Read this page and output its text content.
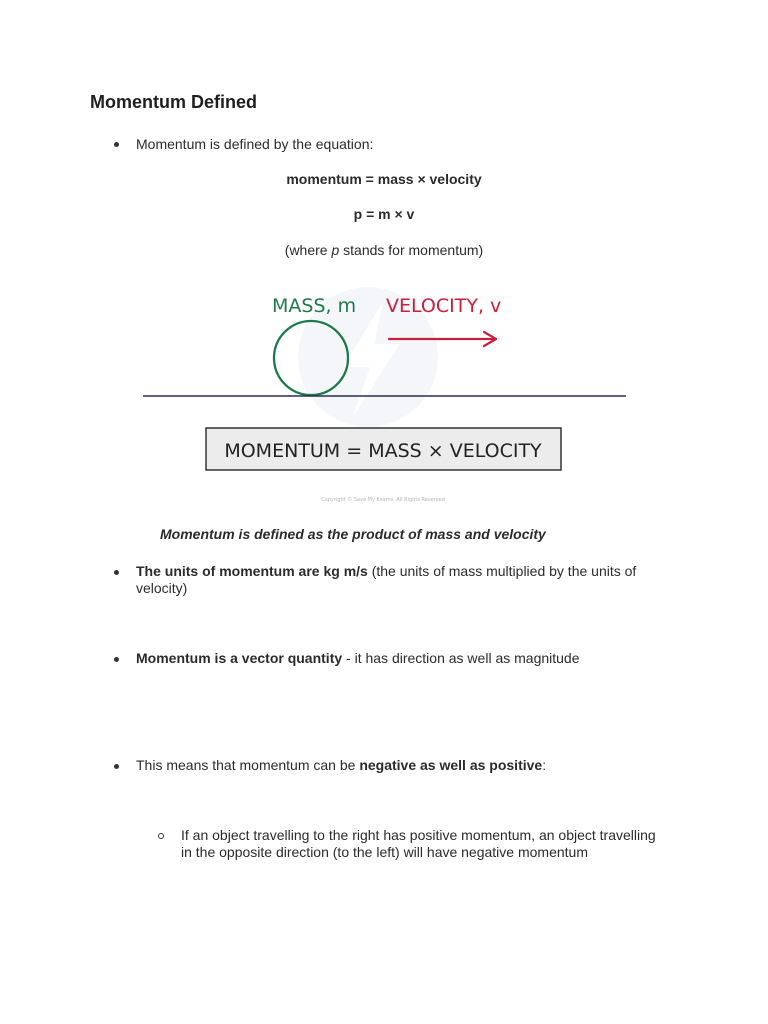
Momentum Defined
Momentum is defined by the equation:
momentum = mass × velocity
p = m × v
(where p stands for momentum)
MASS, m VELOCITY, v
MOMENTUM = MASS × VELOCITY
Copyright © Save My Exams. All Rights Reserved
Momentum is defined as the product of mass and velocity
The units of momentum are kg m/s (the units of mass multiplied by the units of
velocity)
Momentum is a vector quantity - it has direction as well as magnitude
This means that momentum can be negative as well as positive:
If an object travelling to the right has positive momentum, an object travelling
in the opposite direction (to the left) will have negative momentum
